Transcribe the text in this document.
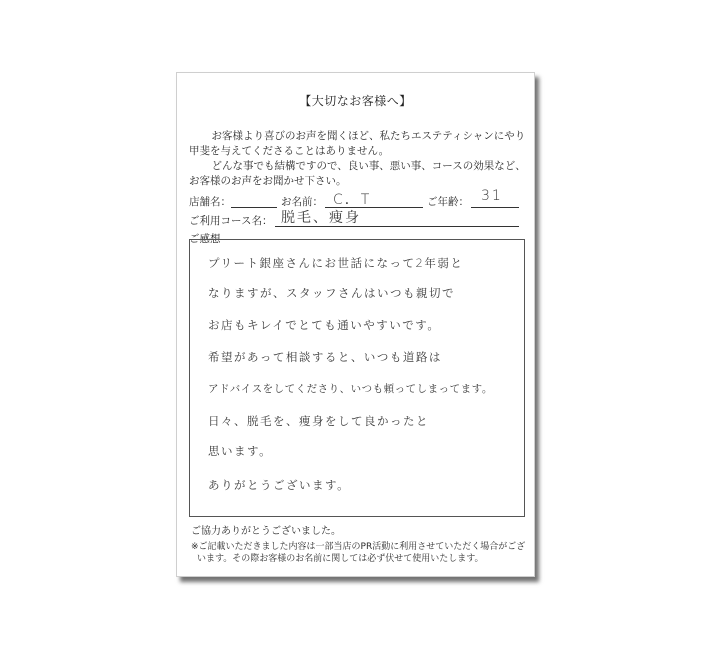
【大切なお客様へ】
　お客様より喜びのお声を聞くほど、私たちエステティシャンにやり
甲斐を与えてくださることはありません。
　どんな事でも結構ですので、良い事、悪い事、コースの効果など、
お客様のお声をお聞かせ下さい。
店舗名：	お名前： C．T	ご年齢： 31
ご利用コース名： 脱毛、痩身
ご感想
プリート銀座さんにお世話になって2年弱と
なりますが、スタッフさんはいつも親切で
お店もキレイでとても通いやすいです。
希望があって相談すると、いつも道路は
アドバイスをしてくださり、いつも頼ってしまってます。
日々、脱毛を、痩身をして良かったと
思います。
ありがとうございます。
ご協力ありがとうございました。
※ご記載いただきました内容は一部当店のPR活動に利用させていただく場合がござ
います。その際お客様のお名前に関しては必ず伏せて使用いたします。
